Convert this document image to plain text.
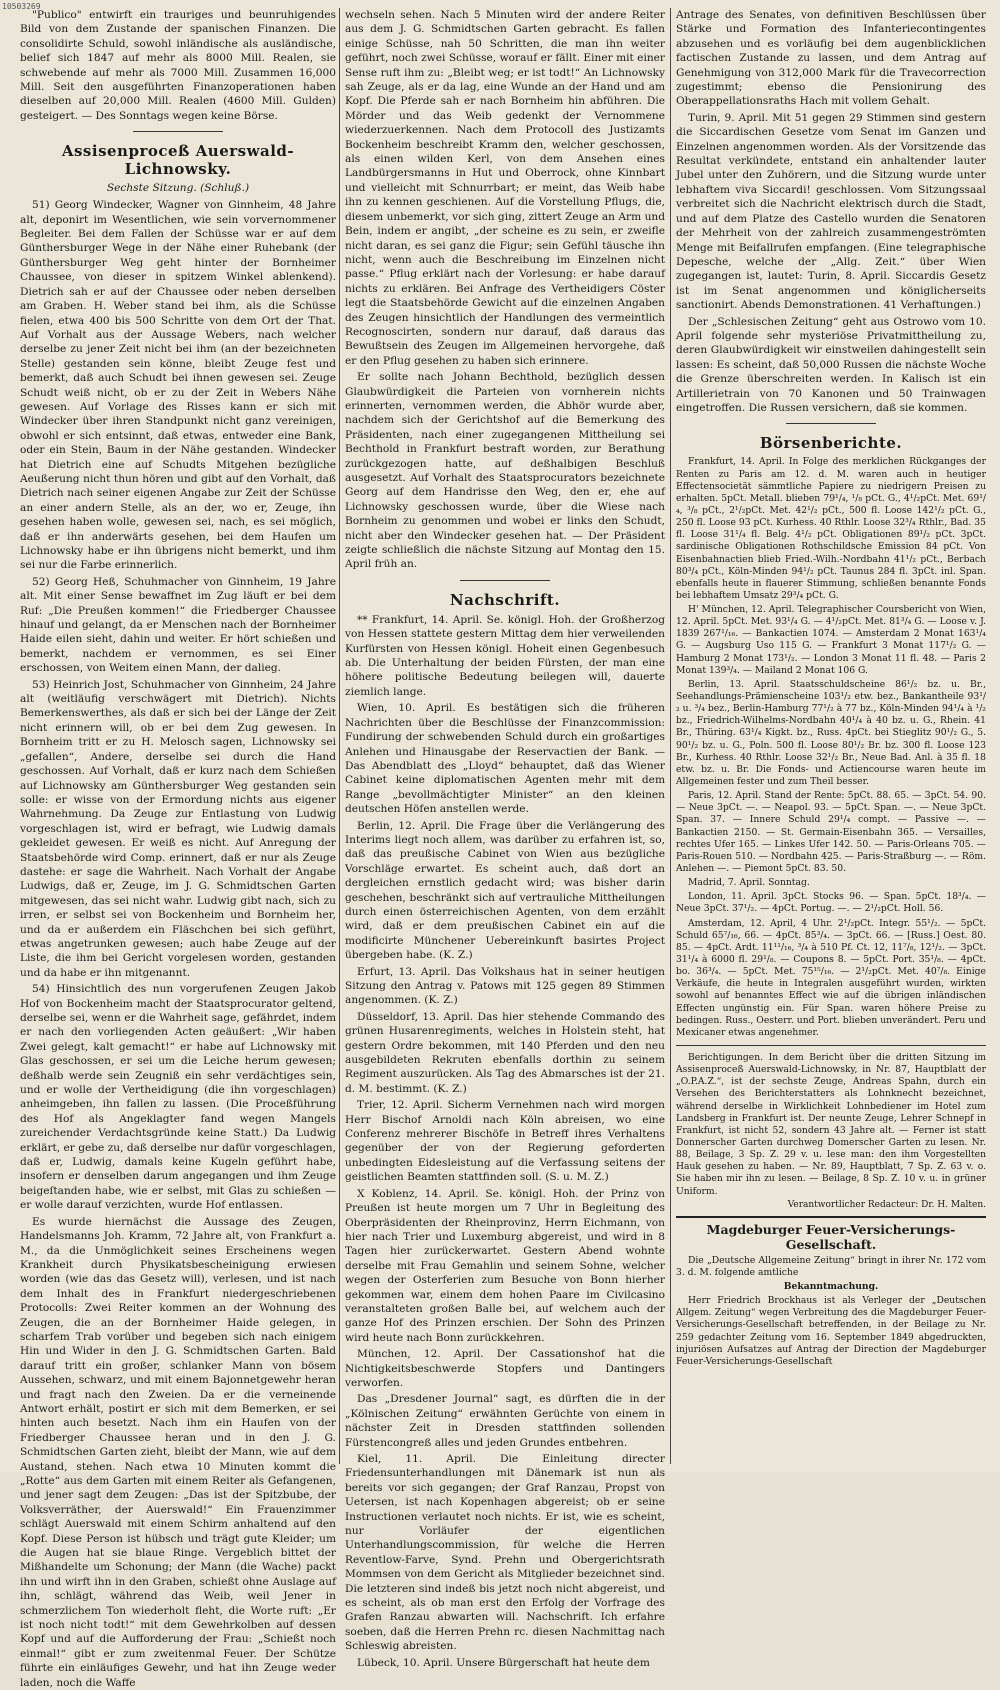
10503269

"Publico" entwirft ein trauriges und beunruhigendes Bild von dem Zustande der spanischen Finanzen. Die consolidirte Schuld, sowohl inländische als ausländische, belief sich 1847 auf mehr als 8000 Mill. Realen, sie schwebende auf mehr als 7000 Mill. Zusammen 16,000 Mill. Seit den ausgeführten Finanzoperationen haben dieselben auf 20,000 Mill. Realen (4600 Mill. Gulden) gesteigert. — Des Sonntags wegen keine Börse.

Assisenproceß Auerswald-Lichnowsky.
Sechste Sitzung. (Schluß.)

51) Georg Windecker, Wagner von Ginnheim, 48 Jahre alt, deponirt im Wesentlichen, wie sein vorvernommener Begleiter. Bei dem Fallen der Schüsse war er auf dem Günthersburger Wege in der Nähe einer Ruhebank (der Günthersburger Weg geht hinter der Bornheimer Chaussee, von dieser in spitzem Winkel ablenkend). Dietrich sah er auf der Chaussee oder neben derselben am Graben. H. Weber stand bei ihm, als die Schüsse fielen, etwa 400 bis 500 Schritte von dem Ort der That. Auf Vorhalt aus der Aussage Webers, nach welcher derselbe zu jener Zeit nicht bei ihm (an der bezeichneten Stelle) gestanden sein könne, bleibt Zeuge fest und bemerkt, daß auch Schudt bei ihnen gewesen sei. Zeuge Schudt weiß nicht, ob er zu der Zeit in Webers Nähe gewesen. Auf Vorlage des Risses kann er sich mit Windecker über ihren Standpunkt nicht ganz vereinigen, obwohl er sich entsinnt, daß etwas, entweder eine Bank, oder ein Stein, Baum in der Nähe gestanden. Windecker hat Dietrich eine auf Schudts Mitgehen bezügliche Aeußerung nicht thun hören und gibt auf den Vorhalt, daß Dietrich nach seiner eigenen Angabe zur Zeit der Schüsse an einer andern Stelle, als an der, wo er, Zeuge, ihn gesehen haben wolle, gewesen sei, nach, es sei möglich, daß er ihn anderwärts gesehen, bei dem Haufen um Lichnowsky habe er ihn übrigens nicht bemerkt, und ihm sei nur die Farbe erinnerlich.

52) Georg Heß, Schuhmacher von Ginnheim, 19 Jahre alt. Mit einer Sense bewaffnet im Zug läuft er bei dem Ruf: „Die Preußen kommen!“ die Friedberger Chaussee hinauf und gelangt, da er Menschen nach der Bornheimer Haide eilen sieht, dahin und weiter. Er hört schießen und bemerkt, nachdem er vernommen, es sei Einer erschossen, von Weitem einen Mann, der dalieg.

53) Heinrich Jost, Schuhmacher von Ginnheim, 24 Jahre alt (weitläufig verschwägert mit Dietrich). Nichts Bemerkenswerthes, als daß er sich bei der Länge der Zeit nicht erinnern will, ob er bei dem Zug gewesen. In Bornheim tritt er zu H. Melosch sagen, Lichnowsky sei „gefallen“, Andere, derselbe sei durch die Hand geschossen. Auf Vorhalt, daß er kurz nach dem Schießen auf Lichnowsky am Günthersburger Weg gestanden sein solle: er wisse von der Ermordung nichts aus eigener Wahrnehmung. Da Zeuge zur Entlastung von Ludwig vorgeschlagen ist, wird er befragt, wie Ludwig damals gekleidet gewesen. Er weiß es nicht. Auf Anregung der Staatsbehörde wird Comp. erinnert, daß er nur als Zeuge dastehe: er sage die Wahrheit. Nach Vorhalt der Angabe Ludwigs, daß er, Zeuge, im J. G. Schmidtschen Garten mitgewesen, das sei nicht wahr. Ludwig gibt nach, sich zu irren, er selbst sei von Bockenheim und Bornheim her, und da er außerdem ein Fläschchen bei sich geführt, etwas angetrunken gewesen; auch habe Zeuge auf der Liste, die ihm bei Gericht vorgelesen worden, gestanden und da habe er ihn mitgenannt.

54) Hinsichtlich des nun vorgerufenen Zeugen Jakob Hof von Bockenheim macht der Staatsprocurator geltend, derselbe sei, wenn er die Wahrheit sage, gefährdet, indem er nach den vorliegenden Acten geäußert: „Wir haben Zwei gelegt, kalt gemacht!“ er habe auf Lichnowsky mit Glas geschossen, er sei um die Leiche herum gewesen; deßhalb werde sein Zeugniß ein sehr verdächtiges sein, und er wolle der Vertheidigung (die ihn vorgeschlagen) anheimgeben, ihn fallen zu lassen. (Die Proceßführung des Hof als Angeklagter fand wegen Mangels zureichender Verdachtsgründe keine Statt.) Da Ludwig erklärt, er gebe zu, daß derselbe nur dafür vorgeschlagen, daß er, Ludwig, damals keine Kugeln geführt habe, insofern er denselben darum angegangen und ihm Zeuge beigeſtanden habe, wie er selbst, mit Glas zu schießen — er wolle darauf verzichten, wurde Hof entlassen.

Es wurde hiernächst die Aussage des Zeugen, Handelsmanns Joh. Kramm, 72 Jahre alt, von Frankfurt a. M., da die Unmöglichkeit seines Erscheinens wegen Krankheit durch Physikatsbescheinigung erwiesen worden (wie das das Gesetz will), verlesen, und ist nach dem Inhalt des in Frankfurt niedergeschriebenen Protocolls: Zwei Reiter kommen an der Wohnung des Zeugen, die an der Bornheimer Haide gelegen, in scharfem Trab vorüber und begeben sich nach einigem Hin und Wider in den J. G. Schmidtschen Garten. Bald darauf tritt ein großer, schlanker Mann von bösem Aussehen, schwarz, und mit einem Bajonnetgewehr heran und fragt nach den Zweien. Da er die verneinende Antwort erhält, postirt er sich mit dem Bemerken, er sei hinten auch besetzt. Nach ihm ein Haufen von der Friedberger Chaussee heran und in den J. G. Schmidtschen Garten zieht, bleibt der Mann, wie auf dem Austand, stehen. Nach etwa 10 Minuten kommt die „Rotte“ aus dem Garten mit einem Reiter als Gefangenen, und jener sagt dem Zeugen: „Das ist der Spitzbube, der Volksverräther, der Auerswald!“ Ein Frauenzimmer schlägt Auerswald mit einem Schirm anhaltend auf den Kopf. Diese Person ist hübsch und trägt gute Kleider; um die Augen hat sie blaue Ringe. Vergeblich bittet der Mißhandelte um Schonung; der Mann (die Wache) packt ihn und wirft ihn in den Graben, schießt ohne Auslage auf ihn, schlägt, während das Weib, weil Jener in schmerzlichem Ton wiederholt fleht, die Worte ruft: „Er ist noch nicht todt!“ mit dem Gewehrkolben auf dessen Kopf und auf die Aufforderung der Frau: „Schießt noch einmal!“ gibt er zum zweitenmal Feuer. Der Schütze führte ein einläufiges Gewehr, und hat ihn Zeuge weder laden, noch die Waffe

wechseln sehen. Nach 5 Minuten wird der andere Reiter aus dem J. G. Schmidtschen Garten gebracht. Es fallen einige Schüsse, nah 50 Schritten, die man ihn weiter geführt, noch zwei Schüsse, worauf er fällt. Einer mit einer Sense ruft ihm zu: „Bleibt weg; er ist todt!“ An Lichnowsky sah Zeuge, als er da lag, eine Wunde an der Hand und am Kopf. Die Pferde sah er nach Bornheim hin abführen. Die Mörder und das Weib gedenkt der Vernommene wiederzuerkennen. Nach dem Protocoll des Justizamts Bockenheim beschreibt Kramm den, welcher geschossen, als einen wilden Kerl, von dem Ansehen eines Landbürgersmanns in Hut und Oberrock, ohne Kinnbart und vielleicht mit Schnurrbart; er meint, das Weib habe ihn zu kennen geschienen. Auf die Vorstellung Pflugs, die, diesem unbemerkt, vor sich ging, zittert Zeuge an Arm und Bein, indem er angibt, „der scheine es zu sein, er zweifle nicht daran, es sei ganz die Figur; sein Gefühl täusche ihn nicht, wenn auch die Beschreibung im Einzelnen nicht passe.“ Pflug erklärt nach der Vorlesung: er habe darauf nichts zu erklären. Bei Anfrage des Vertheidigers Cöster legt die Staatsbehörde Gewicht auf die einzelnen Angaben des Zeugen hinsichtlich der Handlungen des vermeintlich Recognoscirten, sondern nur darauf, daß daraus das Bewußtsein des Zeugen im Allgemeinen hervorgehe, daß er den Pflug gesehen zu haben sich erinnere.

Er sollte nach Johann Bechthold, bezüglich dessen Glaubwürdigkeit die Parteien von vornherein nichts erinnerten, vernommen werden, die Abhör wurde aber, nachdem sich der Gerichtshof auf die Bemerkung des Präsidenten, nach einer zugegangenen Mittheilung sei Bechthold in Frankfurt bestraft worden, zur Berathung zurückgezogen hatte, auf deßhalbigen Beschluß ausgesetzt. Auf Vorhalt des Staatsprocurators bezeichnete Georg auf dem Handrisse den Weg, den er, ehe auf Lichnowsky geschossen wurde, über die Wiese nach Bornheim zu genommen und wobei er links den Schudt, nicht aber den Windecker gesehen hat. — Der Präsident zeigte schließlich die nächste Sitzung auf Montag den 15. April früh an.

Nachschrift.

** Frankfurt, 14. April. Se. königl. Hoh. der Großherzog von Hessen stattete gestern Mittag dem hier verweilenden Kurfürsten von Hessen königl. Hoheit einen Gegenbesuch ab. Die Unterhaltung der beiden Fürsten, der man eine höhere politische Bedeutung beilegen will, dauerte ziemlich lange.

Wien, 10. April. Es bestätigen sich die früheren Nachrichten über die Beschlüsse der Finanzcommission: Fundirung der schwebenden Schuld durch ein großartiges Anlehen und Hinausgabe der Reservactien der Bank. — Das Abendblatt des „Lloyd“ behauptet, daß das Wiener Cabinet keine diplomatischen Agenten mehr mit dem Range „bevollmächtigter Minister“ an den kleinen deutschen Höfen anstellen werde.

Berlin, 12. April. Die Frage über die Verlängerung des Interims liegt noch allem, was darüber zu erfahren ist, so, daß das preußische Cabinet von Wien aus bezügliche Vorschläge erwartet. Es scheint auch, daß dort an dergleichen ernstlich gedacht wird; was bisher darin geschehen, beschränkt sich auf vertrauliche Mittheilungen durch einen österreichischen Agenten, von dem erzählt wird, daß er dem preußischen Cabinet ein auf die modificirte Münchener Uebereinkunft basirtes Project übergeben habe. (K. Z.)

Erfurt, 13. April. Das Volkshaus hat in seiner heutigen Sitzung den Antrag v. Patows mit 125 gegen 89 Stimmen angenommen. (K. Z.)

Düsseldorf, 13. April. Das hier stehende Commando des grünen Husarenregiments, welches in Holstein steht, hat gestern Ordre bekommen, mit 140 Pferden und den neu ausgebildeten Rekruten ebenfalls dorthin zu seinem Regiment auszurücken. Als Tag des Abmarsches ist der 21. d. M. bestimmt. (K. Z.)

Trier, 12. April. Sicherm Vernehmen nach wird morgen Herr Bischof Arnoldi nach Köln abreisen, wo eine Conferenz mehrerer Bischöfe in Betreff ihres Verhaltens gegenüber der von der Regierung geforderten unbedingten Eidesleistung auf die Verfassung seitens der geistlichen Beamten stattfinden soll. (S. u. M. Z.)

X Koblenz, 14. April. Se. königl. Hoh. der Prinz von Preußen ist heute morgen um 7 Uhr in Begleitung des Oberpräsidenten der Rheinprovinz, Herrn Eichmann, von hier nach Trier und Luxemburg abgereist, und wird in 8 Tagen hier zurückerwartet. Gestern Abend wohnte derselbe mit Frau Gemahlin und seinem Sohne, welcher wegen der Osterferien zum Besuche von Bonn hierher gekommen war, einem dem hohen Paare im Civilcasino veranstalteten großen Balle bei, auf welchem auch der ganze Hof des Prinzen erschien. Der Sohn des Prinzen wird heute nach Bonn zurückkehren.

München, 12. April. Der Cassationshof hat die Nichtigkeitsbeschwerde Stopfers und Dantingers verworfen.

Das „Dresdener Journal“ sagt, es dürften die in der „Kölnischen Zeitung“ erwähnten Gerüchte von einem in nächster Zeit in Dresden stattfinden sollenden Fürstencongreß alles und jeden Grundes entbehren.

Kiel, 11. April. Die Einleitung directer Friedensunterhandlungen mit Dänemark ist nun als bereits vor sich gegangen; der Graf Ranzau, Propst von Uetersen, ist nach Kopenhagen abgereist; ob er seine Instructionen verlautet noch nichts. Er ist, wie es scheint, nur Vorläufer der eigentlichen Unterhandlungscommission, für welche die Herren Reventlow-Farve, Synd. Prehn und Obergerichtsrath Mommsen von dem Gericht als Mitglieder bezeichnet sind. Die letzteren sind indeß bis jetzt noch nicht abgereist, und es scheint, als ob man erst den Erfolg der Vorfrage des Grafen Ranzau abwarten will. Nachschrift. Ich erfahre soeben, daß die Herren Prehn rc. diesen Nachmittag nach Schleswig abreisten.

Lübeck, 10. April. Unsere Bürgerschaft hat heute dem

Antrage des Senates, von definitiven Beschlüssen über Stärke und Formation des Infanteriecontingentes abzusehen und es vorläufig bei dem augenblicklichen factischen Zustande zu lassen, und dem Antrag auf Genehmigung von 312,000 Mark für die Travecorrection zugestimmt; ebenso die Pensionirung des Oberappellationsraths Hach mit vollem Gehalt.

Turin, 9. April. Mit 51 gegen 29 Stimmen sind gestern die Siccardischen Gesetze vom Senat im Ganzen und Einzelnen angenommen worden. Als der Vorsitzende das Resultat verkündete, entstand ein anhaltender lauter Jubel unter den Zuhörern, und die Sitzung wurde unter lebhaftem viva Siccardi! geschlossen. Vom Sitzungssaal verbreitet sich die Nachricht elektrisch durch die Stadt, und auf dem Platze des Castello wurden die Senatoren der Mehrheit von der zahlreich zusammengeströmten Menge mit Beifallrufen empfangen. (Eine telegraphische Depesche, welche der „Allg. Zeit.“ über Wien zugegangen ist, lautet: Turin, 8. April. Siccardis Gesetz ist im Senat angenommen und königlicherseits sanctionirt. Abends Demonstrationen. 41 Verhaftungen.)

Der „Schlesischen Zeitung“ geht aus Ostrowo vom 10. April folgende sehr mysteriöse Privatmittheilung zu, deren Glaubwürdigkeit wir einstweilen dahingestellt sein lassen: Es scheint, daß 50,000 Russen die nächste Woche die Grenze überschreiten werden. In Kalisch ist ein Artillerietrain von 70 Kanonen und 50 Trainwagen eingetroffen. Die Russen versichern, daß sie kommen.

Börsenberichte.

Frankfurt, 14. April. In Folge des merklichen Rückganges der Renten zu Paris am 12. d. M. waren auch in heutiger Effectensocietät sämmtliche Papiere zu niedrigern Preisen zu erhalten. 5pCt. Metall. blieben 79¹/₄, ¹/₈ pCt. G., 4¹/₂pCt. Met. 69¹/₄, ³/₈ pCt., 2¹/₂pCt. Met. 42¹/₂ pCt., 500 fl. Loose 142¹/₂ pCt. G., 250 fl. Loose 93 pCt. Kurhess. 40 Rthlr. Loose 32³/₄ Rthlr., Bad. 35 fl. Loose 31¹/₄ fl. Belg. 4¹/₂ pCt. Obligationen 89¹/₂ pCt. 3pCt. sardinische Obligationen Rothschildsche Emission 84 pCt. Von Eisenbahnactien blieb Fried.-Wilh.-Nordbahn 41¹/₂ pCt., Berbach 80³/₄ pCt., Köln-Minden 94¹/₂ pCt. Taunus 284 fl. 3pCt. inl. Span. ebenfalls heute in flauerer Stimmung, schließen benannte Fonds bei lebhaftem Umsatz 29³/₄ pCt. G.

H' München, 12. April. Telegraphischer Coursbericht von Wien, 12. April. 5pCt. Met. 93¹/₄ G. — 4¹/₂pCt. Met. 81³/₄ G. — Loose v. J. 1839 267¹/₁₆. — Bankactien 1074. — Amsterdam 2 Monat 163¹/₄ G. — Augsburg Uso 115 G. — Frankfurt 3 Monat 117¹/₂ G. — Hamburg 2 Monat 173¹/₂. — London 3 Monat 11 fl. 48. — Paris 2 Monat 139³/₄. — Mailand 2 Monat 106 G.

Berlin, 13. April. Staatsschuldscheine 86¹/₂ bz. u. Br., Seehandlungs-Prämienscheine 103¹/₂ etw. bez., Bankantheile 93¹/₂ u. ³/₄ bez., Berlin-Hamburg 77¹/₂ à 77 bz., Köln-Minden 94¹/₄ à ¹/₂ bz., Friedrich-Wilhelms-Nordbahn 40¹/₄ à 40 bz. u. G., Rhein. 41 Br., Thüring. 63¹/₄ Kigkt. bz., Russ. 4pCt. bei Stieglitz 90¹/₂ G., 5. 90¹/₂ bz. u. G., Poln. 500 fl. Loose 80¹/₂ Br. bz. 300 fl. Loose 123 Br., Kurhess. 40 Rthlr. Loose 32¹/₂ Br., Neue Bad. Anl. à 35 fl. 18 etw. bz. u. Br. Die Fonds- und Actiencourse waren heute im Allgemeinen fester und zum Theil besser.

Paris, 12. April. Stand der Rente: 5pCt. 88. 65. — 3pCt. 54. 90. — Neue 3pCt. —. — Neapol. 93. — 5pCt. Span. —. — Neue 3pCt. Span. 37. — Innere Schuld 29¹/₄ compt. — Passive —. — Bankactien 2150. — St. Germain-Eisenbahn 365. — Versailles, rechtes Ufer 165. — Linkes Ufer 142. 50. — Paris-Orleans 705. — Paris-Rouen 510. — Nordbahn 425. — Paris-Straßburg —. — Röm. Anlehen —. — Piemont 5pCt. 83. 50.

Madrid, 7. April. Sonntag.

London, 11. April. 3pCt. Stocks 96. — Span. 5pCt. 18³/₄. — Neue 3pCt. 37¹/₂. — 4pCt. Portug. —. — 2¹/₂pCt. Holl. 56.

Amsterdam, 12. April, 4 Uhr. 2¹/₂pCt. Integr. 55¹/₂. — 5pCt. Schuld 65⁷/₁₆, 66. — 4pCt. 85³/₄. — 3pCt. 66. — [Russ.] Oest. 80. 85. — 4pCt. Ardt. 11¹¹/₁₆, ³/₄ à 510 Pf. Ct. 12, 11⁷/₈, 12¹/₂. — 3pCt. 31¹/₄ à 6000 fl. 29¹/₈. — Coupons 8. — 5pCt. Port. 35¹/₈. — 4pCt. bo. 36³/₄. — 5pCt. Met. 75¹⁵/₁₆. — 2¹/₂pCt. Met. 40⁷/₈. Einige Verkäufe, die heute in Integralen ausgeführt wurden, wirkten sowohl auf benanntes Effect wie auf die übrigen inländischen Effecten ungünstig ein. Für Span. waren höhere Preise zu bedingen. Russ., Oesterr. und Port. blieben unverändert. Peru und Mexicaner etwas angenehmer.

Berichtigungen. In dem Bericht über die dritten Sitzung im Assisenproceß Auerswald-Lichnowsky, in Nr. 87, Hauptblatt der „O.P.A.Z.“, ist der sechste Zeuge, Andreas Spahn, durch ein Versehen des Berichterstatters als Lohnknecht bezeichnet, während derselbe in Wirklichkeit Lohnbediener im Hotel zum Landsberg in Frankfurt ist. Der neunte Zeuge, Lehrer Schnepf in Frankfurt, ist nicht 52, sondern 43 Jahre alt. — Ferner ist statt Donnerscher Garten durchweg Domerscher Garten zu lesen. Nr. 88, Beilage, 3 Sp. Z. 29 v. u. lese man: den ihm Vorgestellten Hauk gesehen zu haben. — Nr. 89, Hauptblatt, 7 Sp. Z. 63 v. o. Sie haben mir ihn zu lesen. — Beilage, 8 Sp. Z. 10 v. u. in grüner Uniform.

Verantwortlicher Redacteur: Dr. H. Malten.
Magdeburger Feuer-Versicherungs-Gesellschaft.

Die „Deutsche Allgemeine Zeitung“ bringt in ihrer Nr. 172 vom 3. d. M. folgende amtliche

Bekanntmachung.

Herr Friedrich Brockhaus ist als Verleger der „Deutschen Allgem. Zeitung“ wegen Verbreitung des die Magdeburger Feuer-Versicherungs-Gesellschaft betreffenden, in der Beilage zu Nr. 259 gedachter Zeitung vom 16. September 1849 abgedruckten, injuriösen Aufsatzes auf Antrag der Direction der Magdeburger Feuer-Versicherungs-Gesellschaft
